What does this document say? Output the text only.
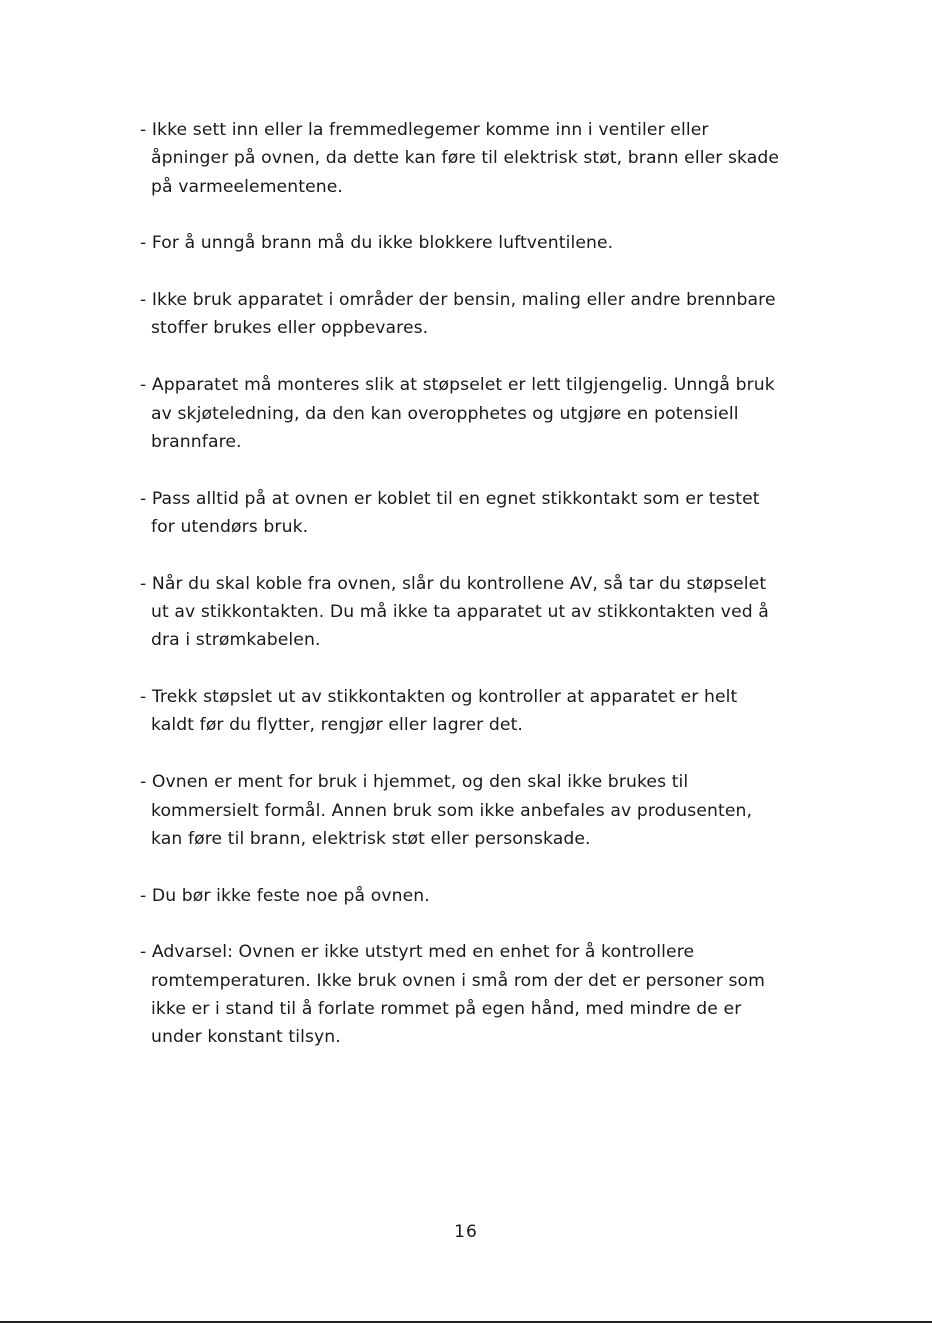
- Ikke sett inn eller la fremmedlegemer komme inn i ventiler eller
åpninger på ovnen, da dette kan føre til elektrisk støt, brann eller skade
på varmeelementene.
- For å unngå brann må du ikke blokkere luftventilene.
- Ikke bruk apparatet i områder der bensin, maling eller andre brennbare
stoffer brukes eller oppbevares.
- Apparatet må monteres slik at støpselet er lett tilgjengelig. Unngå bruk
av skjøteledning, da den kan overopphetes og utgjøre en potensiell
brannfare.
- Pass alltid på at ovnen er koblet til en egnet stikkontakt som er testet
for utendørs bruk.
- Når du skal koble fra ovnen, slår du kontrollene AV, så tar du støpselet
ut av stikkontakten. Du må ikke ta apparatet ut av stikkontakten ved å
dra i strømkabelen.
- Trekk støpslet ut av stikkontakten og kontroller at apparatet er helt
kaldt før du flytter, rengjør eller lagrer det.
- Ovnen er ment for bruk i hjemmet, og den skal ikke brukes til
kommersielt formål. Annen bruk som ikke anbefales av produsenten,
kan føre til brann, elektrisk støt eller personskade.
- Du bør ikke feste noe på ovnen.
- Advarsel: Ovnen er ikke utstyrt med en enhet for å kontrollere
romtemperaturen. Ikke bruk ovnen i små rom der det er personer som
ikke er i stand til å forlate rommet på egen hånd, med mindre de er
under konstant tilsyn.
16
